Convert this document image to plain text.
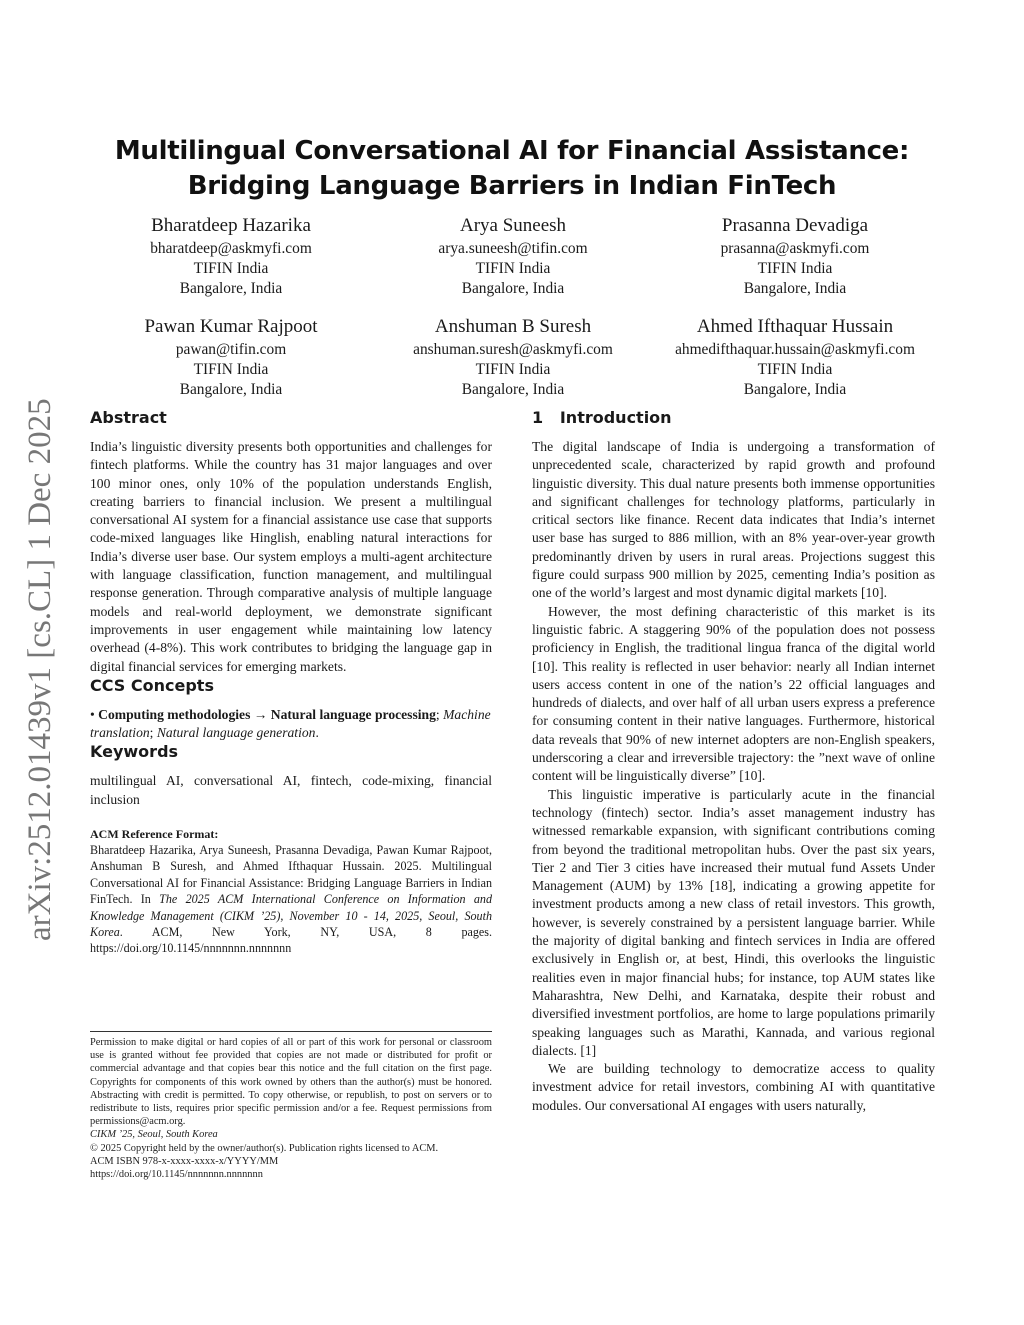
arXiv:2512.01439v1 [cs.CL] 1 Dec 2025
Multilingual Conversational AI for Financial Assistance: Bridging Language Barriers in Indian FinTech
Bharatdeep Hazarika
bharatdeep@askmyfi.com
TIFIN India
Bangalore, India
Arya Suneesh
arya.suneesh@tifin.com
TIFIN India
Bangalore, India
Prasanna Devadiga
prasanna@askmyfi.com
TIFIN India
Bangalore, India
Pawan Kumar Rajpoot
pawan@tifin.com
TIFIN India
Bangalore, India
Anshuman B Suresh
anshuman.suresh@askmyfi.com
TIFIN India
Bangalore, India
Ahmed Ifthaquar Hussain
ahmedifthaquar.hussain@askmyfi.com
TIFIN India
Bangalore, India
Abstract

India’s linguistic diversity presents both opportunities and challenges for fintech platforms. While the country has 31 major languages and over 100 minor ones, only 10% of the population understands English, creating barriers to financial inclusion. We present a multilingual conversational AI system for a financial assistance use case that supports code-mixed languages like Hinglish, enabling natural interactions for India’s diverse user base. Our system employs a multi-agent architecture with language classification, function management, and multilingual response generation. Through comparative analysis of multiple language models and real-world deployment, we demonstrate significant improvements in user engagement while maintaining low latency overhead (4-8%). This work contributes to bridging the language gap in digital financial services for emerging markets.

CCS Concepts
• Computing methodologies → Natural language processing; Machine translation; Natural language generation.
Keywords

multilingual AI, conversational AI, fintech, code-mixing, financial inclusion

ACM Reference Format:
Bharatdeep Hazarika, Arya Suneesh, Prasanna Devadiga, Pawan Kumar Rajpoot, Anshuman B Suresh, and Ahmed Ifthaquar Hussain. 2025. Multilingual Conversational AI for Financial Assistance: Bridging Language Barriers in Indian FinTech. In The 2025 ACM International Conference on Information and Knowledge Management (CIKM ’25), November 10 - 14, 2025, Seoul, South Korea. ACM, New York, NY, USA, 8 pages. https://doi.org/10.1145/nnnnnnn.nnnnnnn

Permission to make digital or hard copies of all or part of this work for personal or classroom use is granted without fee provided that copies are not made or distributed for profit or commercial advantage and that copies bear this notice and the full citation on the first page. Copyrights for components of this work owned by others than the author(s) must be honored. Abstracting with credit is permitted. To copy otherwise, or republish, to post on servers or to redistribute to lists, requires prior specific permission and/or a fee. Request permissions from permissions@acm.org.

CIKM ’25, Seoul, South Korea
© 2025 Copyright held by the owner/author(s). Publication rights licensed to ACM.
ACM ISBN 978-x-xxxx-xxxx-x/YYYY/MM
https://doi.org/10.1145/nnnnnnn.nnnnnnn
1   Introduction

The digital landscape of India is undergoing a transformation of unprecedented scale, characterized by rapid growth and profound linguistic diversity. This dual nature presents both immense opportunities and significant challenges for technology platforms, particularly in critical sectors like finance. Recent data indicates that India’s internet user base has surged to 886 million, with an 8% year-over-year growth predominantly driven by users in rural areas. Projections suggest this figure could surpass 900 million by 2025, cementing India’s position as one of the world’s largest and most dynamic digital markets [10].

However, the most defining characteristic of this market is its linguistic fabric. A staggering 90% of the population does not possess proficiency in English, the traditional lingua franca of the digital world [10]. This reality is reflected in user behavior: nearly all Indian internet users access content in one of the nation’s 22 official languages and hundreds of dialects, and over half of all urban users express a preference for consuming content in their native languages. Furthermore, historical data reveals that 90% of new internet adopters are non-English speakers, underscoring a clear and irreversible trajectory: the ”next wave of online content will be linguistically diverse” [10].

This linguistic imperative is particularly acute in the financial technology (fintech) sector. India’s asset management industry has witnessed remarkable expansion, with significant contributions coming from beyond the traditional metropolitan hubs. Over the past six years, Tier 2 and Tier 3 cities have increased their mutual fund Assets Under Management (AUM) by 13% [18], indicating a growing appetite for investment products among a new class of retail investors. This growth, however, is severely constrained by a persistent language barrier. While the majority of digital banking and fintech services in India are offered exclusively in English or, at best, Hindi, this overlooks the linguistic realities even in major financial hubs; for instance, top AUM states like Maharashtra, New Delhi, and Karnataka, despite their robust and diversified investment portfolios, are home to large populations primarily speaking languages such as Marathi, Kannada, and various regional dialects. [1]

We are building technology to democratize access to quality investment advice for retail investors, combining AI with quantitative modules. Our conversational AI engages with users naturally,
